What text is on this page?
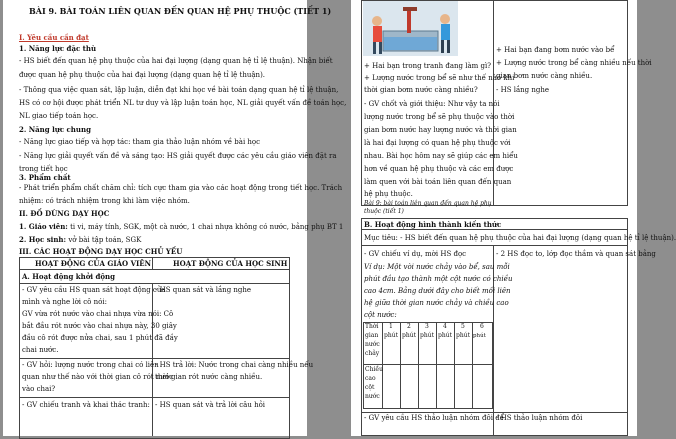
BÀI 9. BÀI TOÁN LIÊN QUAN ĐẾN QUAN HỆ PHỤ THUỘC (TIẾT 1)
I. Yêu cầu cần đạt
1. Năng lực đặc thù
- HS biết đến quan hệ phụ thuộc của hai đại lượng (dạng quan hệ tỉ lệ thuận). Nhận biết
được quan hệ phụ thuộc của hai đại lượng (dạng quan hệ tỉ lệ thuận).
- Thông qua việc quan sát, lập luận, diễn đạt khi học về bài toán dạng quan hệ tỉ lệ thuận,
HS có cơ hội được phát triển NL tư duy và lập luận toán học, NL giải quyết vấn đề toán học,
NL giao tiếp toán học.
2. Năng lực chung
- Năng lực giao tiếp và hợp tác: tham gia thảo luận nhóm về bài học
- Năng lực giải quyết vấn đề và sáng tạo: HS giải quyết được các yêu cầu giáo viên đặt ra
trong tiết học
3. Phẩm chất
- Phát triển phẩm chất chăm chỉ: tích cực tham gia vào các hoạt động trong tiết học. Trách
nhiệm: có trách nhiệm trong khi làm việc nhóm.
II. ĐỒ DÙNG DẠY HỌC
1. Giáo viên: ti vi, máy tính, SGK, một cà nước, 1 chai nhựa không có nước, bảng phụ BT 1
2. Học sinh: vở bài tập toán, SGK
III. CÁC HOẠT ĐỘNG DẠY HỌC CHỦ YẾU
HOẠT ĐỘNG CỦA GIÁO VIÊN	HOẠT ĐỘNG CỦA HỌC SINH
A. Hoạt động khởi động
- GV yêu cầu HS quan sát hoạt động của
mình và nghe lời cô nói:
GV vừa rót nước vào chai nhựa vừa nói: Cô
bắt đầu rót nước vào chai nhựa này, 30 giây
đầu cô rót được nửa chai, sau 1 phút đã đầy
chai nước.
- HS quan sát và lắng nghe
- GV hỏi: lượng nước trong chai có liên
quan như thế nào với thời gian cô rót nước
vào chai?
- HS trả lời: Nước trong chai càng nhiều nếu
thời gian rót nước càng nhiều.
- GV chiếu tranh và khai thác tranh: - HS quan sát và trả lời câu hỏi
+ Hai bạn trong tranh đang làm gì?
+ Lượng nước trong bể sẽ như thế nào khi
thời gian bơm nước càng nhiều?
+ Hai bạn đang bơm nước vào bể
+ Lượng nước trong bể càng nhiều nếu thời
gian bơm nước càng nhiều.
- HS lắng nghe
- GV chốt và giới thiệu: Như vậy ta nói
lượng nước trong bể sẽ phụ thuộc vào thời
gian bơm nước hay lượng nước và thời gian
là hai đại lượng có quan hệ phụ thuộc với
nhau. Bài học hôm nay sẽ giúp các em hiểu
hơn về quan hệ phụ thuộc và các em được
làm quen với bài toán liên quan đến quan
hệ phụ thuộc.
Bài 9: bài toán liên quan đến quan hệ phụ
thuộc (tiết 1)
B. Hoạt động hình thành kiến thức
Mục tiêu: - HS biết đến quan hệ phụ thuộc của hai đại lượng (dạng quan hệ tỉ lệ thuận).
- GV chiếu ví dụ, mời HS đọc	- 2 HS đọc to, lớp đọc thầm và quan sát bảng
Ví dụ: Một vòi nước chảy vào bể, sau mỗi
phút đầu tạo thành một cột nước có chiều
cao 4cm. Bảng dưới đây cho biết mối liên
hệ giữa thời gian nước chảy và chiều cao
cột nước:
Thời
gian
nước
chảy
1
phút
2
phút
3
phút
4
phút
5
phút
6
phút
Chiều
cao
cột
nước
- GV yêu cầu HS thảo luận nhóm đôi để
- HS thảo luận nhóm đôi
